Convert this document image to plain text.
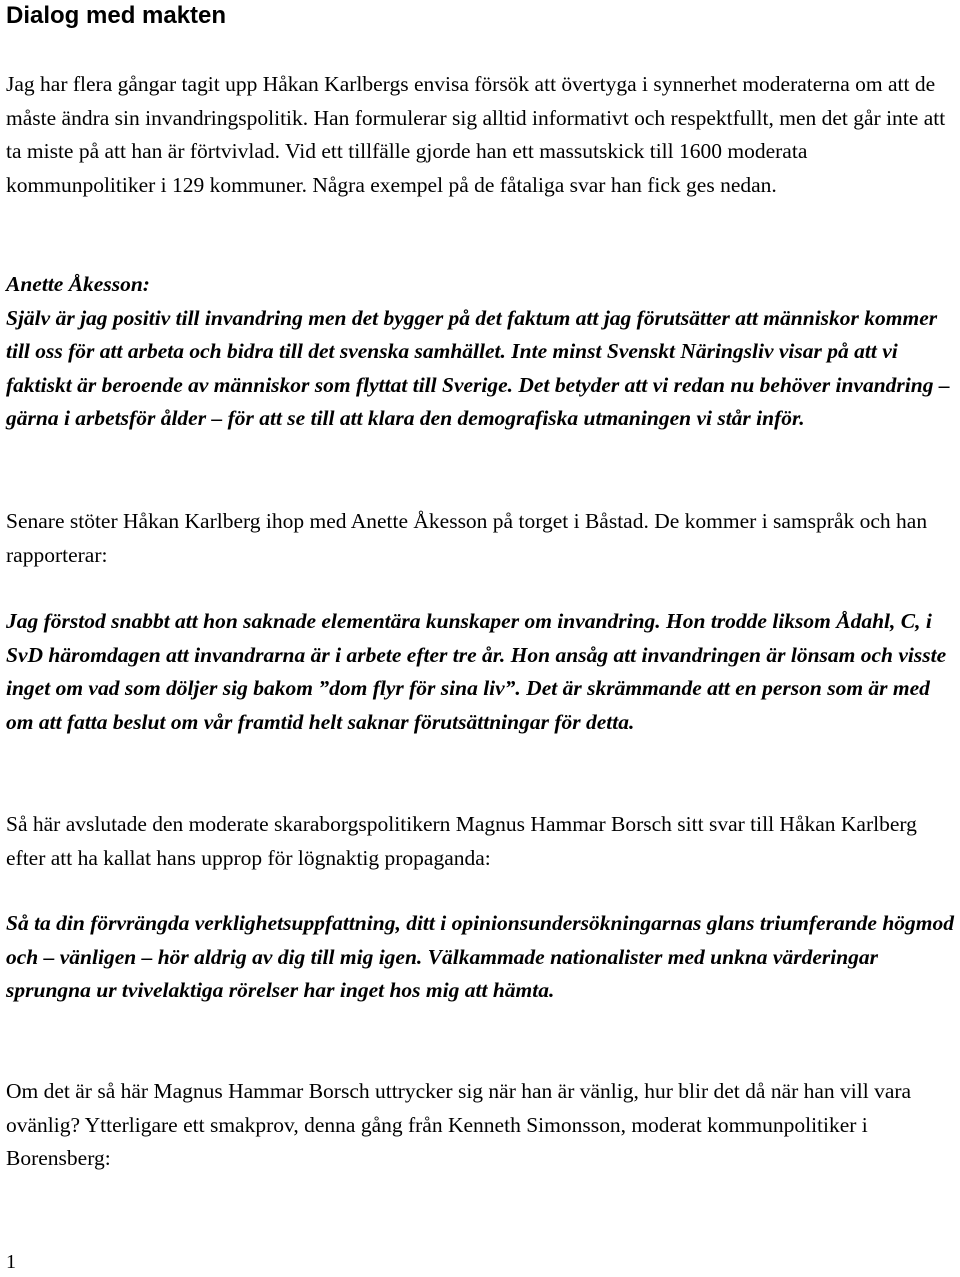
Dialog med makten

Jag har flera gångar tagit upp Håkan Karlbergs envisa försök att övertyga i synnerhet moderaterna om att de måste ändra sin invandringspolitik. Han formulerar sig alltid informativt och respektfullt, men det går inte att ta miste på att han är förtvivlad. Vid ett tillfälle gjorde han ett massutskick till 1600 moderata kommunpolitiker i 129 kommuner. Några exempel på de fåtaliga svar han fick ges nedan.

Anette Åkesson:
Själv är jag positiv till invandring men det bygger på det faktum att jag förutsätter att människor kommer till oss för att arbeta och bidra till det svenska samhället. Inte minst Svenskt Näringsliv visar på att vi faktiskt är beroende av människor som flyttat till Sverige. Det betyder att vi redan nu behöver invandring – gärna i arbetsför ålder – för att se till att klara den demografiska utmaningen vi står inför.

Senare stöter Håkan Karlberg ihop med Anette Åkesson på torget i Båstad. De kommer i samspråk och han rapporterar:

Jag förstod snabbt att hon saknade elementära kunskaper om invandring. Hon trodde liksom Ådahl, C, i SvD häromdagen att invandrarna är i arbete efter tre år. Hon ansåg att invandringen är lönsam och visste inget om vad som döljer sig bakom ”dom flyr för sina liv”. Det är skrämmande att en person som är med om att fatta beslut om vår framtid helt saknar förutsättningar för detta.

Så här avslutade den moderate skaraborgspolitikern Magnus Hammar Borsch sitt svar till Håkan Karlberg efter att ha kallat hans upprop för lögnaktig propaganda:

Så ta din förvrängda verklighetsuppfattning, ditt i opinionsundersökningarnas glans triumferande högmod och – vänligen – hör aldrig av dig till mig igen. Välkammade nationalister med unkna värderingar sprungna ur tvivelaktiga rörelser har inget hos mig att hämta.

Om det är så här Magnus Hammar Borsch uttrycker sig när han är vänlig, hur blir det då när han vill vara ovänlig? Ytterligare ett smakprov, denna gång från Kenneth Simonsson, moderat kommunpolitiker i Borensberg:

1
